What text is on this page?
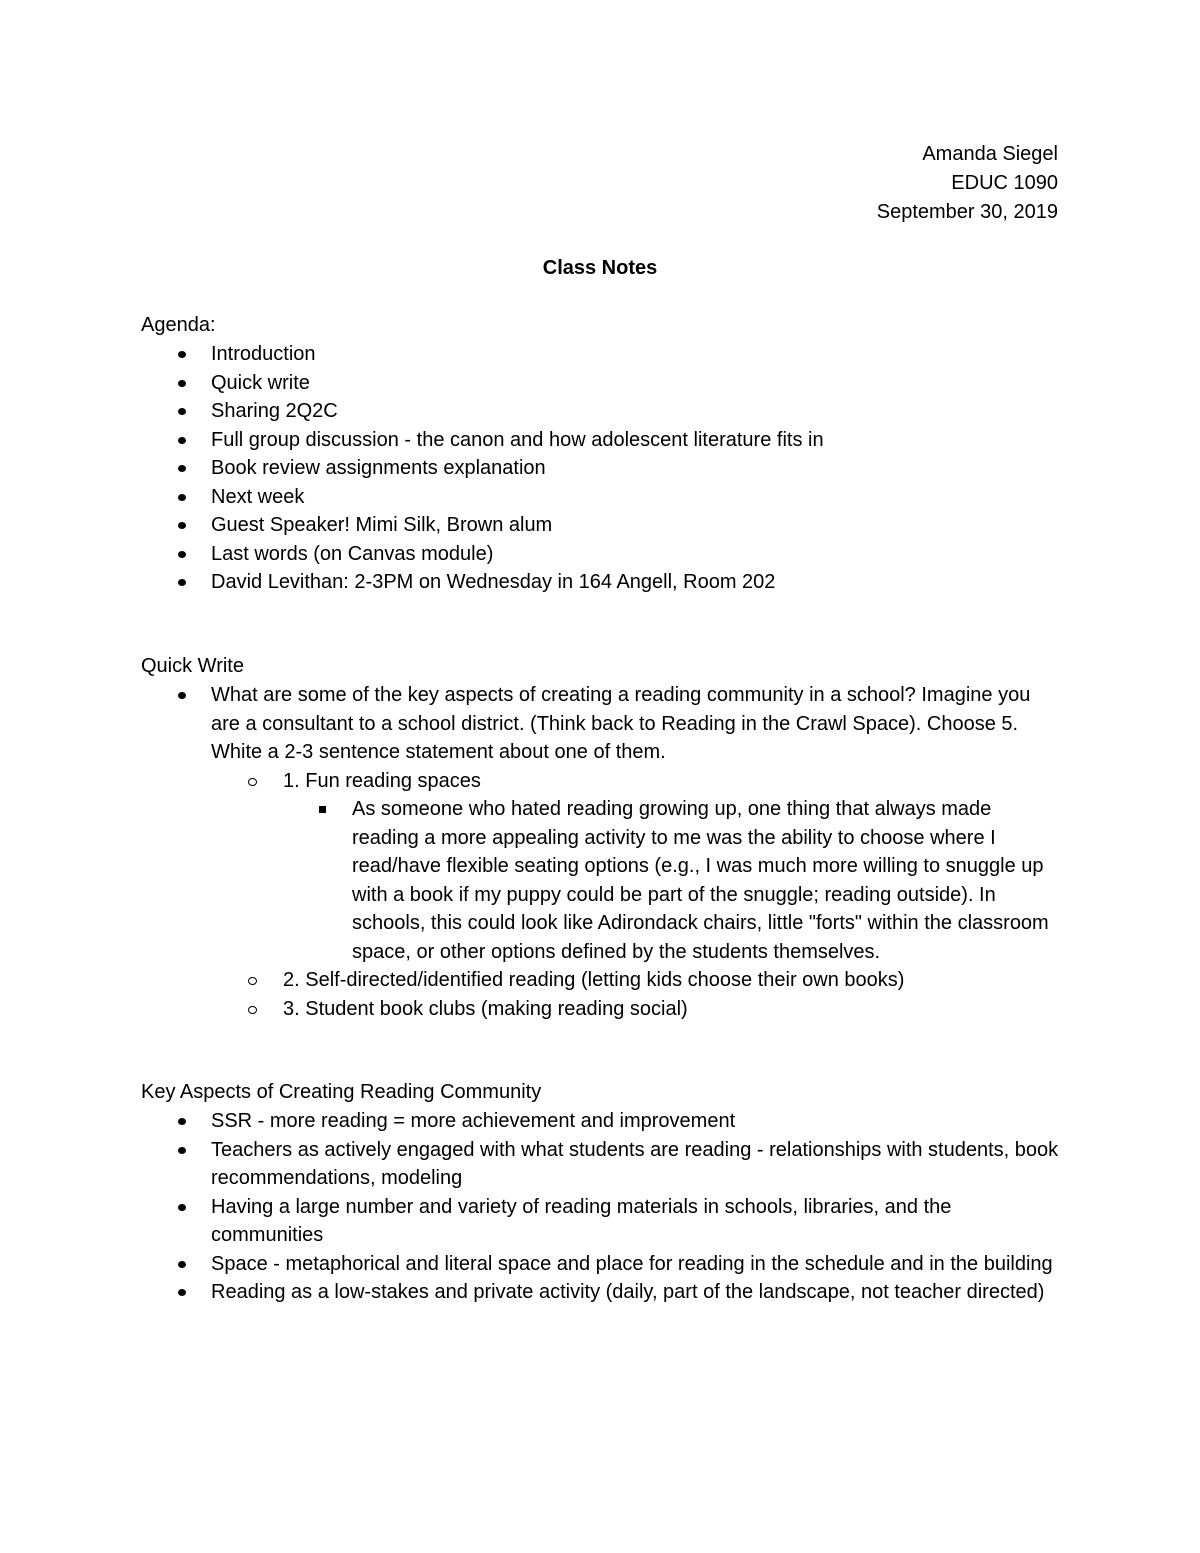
Amanda Siegel
EDUC 1090
September 30, 2019
Class Notes
Agenda:
Introduction
Quick write
Sharing 2Q2C
Full group discussion - the canon and how adolescent literature fits in
Book review assignments explanation
Next week
Guest Speaker! Mimi Silk, Brown alum
Last words (on Canvas module)
David Levithan: 2-3PM on Wednesday in 164 Angell, Room 202
Quick Write
What are some of the key aspects of creating a reading community in a school? Imagine you are a consultant to a school district. (Think back to Reading in the Crawl Space). Choose 5. White a 2-3 sentence statement about one of them.
1. Fun reading spaces
As someone who hated reading growing up, one thing that always made reading a more appealing activity to me was the ability to choose where I read/have flexible seating options (e.g., I was much more willing to snuggle up with a book if my puppy could be part of the snuggle; reading outside). In schools, this could look like Adirondack chairs, little "forts" within the classroom space, or other options defined by the students themselves.
2. Self-directed/identified reading (letting kids choose their own books)
3. Student book clubs (making reading social)
Key Aspects of Creating Reading Community
SSR - more reading = more achievement and improvement
Teachers as actively engaged with what students are reading - relationships with students, book recommendations, modeling
Having a large number and variety of reading materials in schools, libraries, and the communities
Space - metaphorical and literal space and place for reading in the schedule and in the building
Reading as a low-stakes and private activity (daily, part of the landscape, not teacher directed)
